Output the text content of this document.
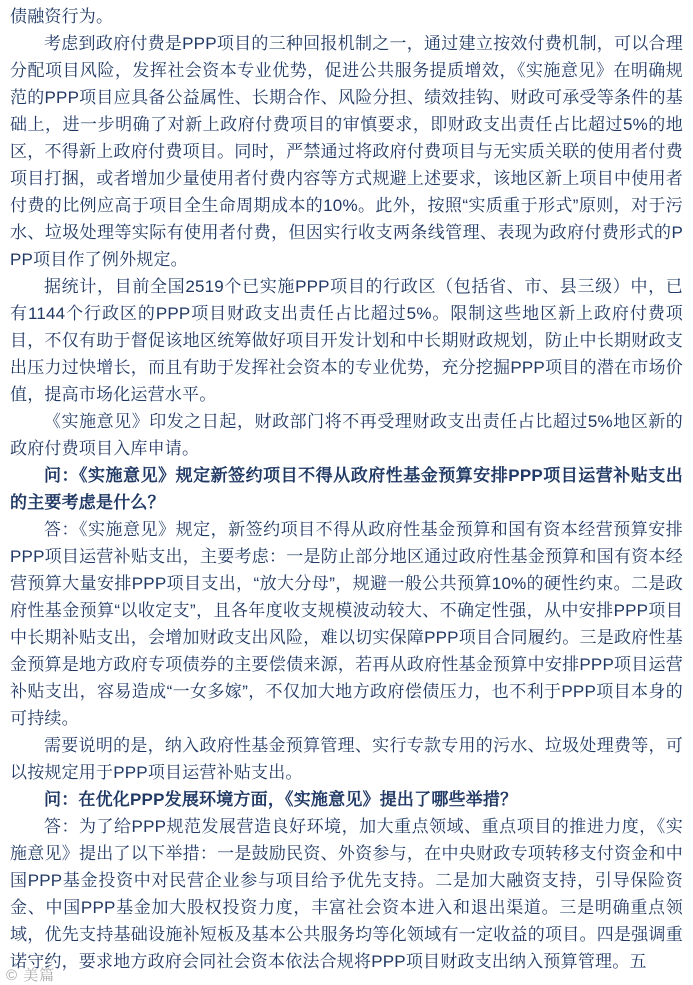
债融资行为。

考虑到政府付费是PPP项目的三种回报机制之一，通过建立按效付费机制，可以合理分配项目风险，发挥社会资本专业优势，促进公共服务提质增效，《实施意见》在明确规范的PPP项目应具备公益属性、长期合作、风险分担、绩效挂钩、财政可承受等条件的基础上，进一步明确了对新上政府付费项目的审慎要求，即财政支出责任占比超过5%的地区，不得新上政府付费项目。同时，严禁通过将政府付费项目与无实质关联的使用者付费项目打捆，或者增加少量使用者付费内容等方式规避上述要求，该地区新上项目中使用者付费的比例应高于项目全生命周期成本的10%。此外，按照“实质重于形式”原则，对于污水、垃圾处理等实际有使用者付费，但因实行收支两条线管理、表现为政府付费形式的PPP项目作了例外规定。

据统计，目前全国2519个已实施PPP项目的行政区（包括省、市、县三级）中，已有1144个行政区的PPP项目财政支出责任占比超过5%。限制这些地区新上政府付费项目，不仅有助于督促该地区统筹做好项目开发计划和中长期财政规划，防止中长期财政支出压力过快增长，而且有助于发挥社会资本的专业优势，充分挖掘PPP项目的潜在市场价值，提高市场化运营水平。

《实施意见》印发之日起，财政部门将不再受理财政支出责任占比超过5%地区新的政府付费项目入库申请。

问：《实施意见》规定新签约项目不得从政府性基金预算安排PPP项目运营补贴支出的主要考虑是什么？

答：《实施意见》规定，新签约项目不得从政府性基金预算和国有资本经营预算安排PPP项目运营补贴支出，主要考虑：一是防止部分地区通过政府性基金预算和国有资本经营预算大量安排PPP项目支出，“放大分母”，规避一般公共预算10%的硬性约束。二是政府性基金预算“以收定支”，且各年度收支规模波动较大、不确定性强，从中安排PPP项目中长期补贴支出，会增加财政支出风险，难以切实保障PPP项目合同履约。三是政府性基金预算是地方政府专项债券的主要偿债来源，若再从政府性基金预算中安排PPP项目运营补贴支出，容易造成“一女多嫁”，不仅加大地方政府偿债压力，也不利于PPP项目本身的可持续。

需要说明的是，纳入政府性基金预算管理、实行专款专用的污水、垃圾处理费等，可以按规定用于PPP项目运营补贴支出。

问：在优化PPP发展环境方面，《实施意见》提出了哪些举措？

答：为了给PPP规范发展营造良好环境，加大重点领域、重点项目的推进力度，《实施意见》提出了以下举措：一是鼓励民资、外资参与，在中央财政专项转移支付资金和中国PPP基金投资中对民营企业参与项目给予优先支持。二是加大融资支持，引导保险资金、中国PPP基金加大股权投资力度，丰富社会资本进入和退出渠道。三是明确重点领域，优先支持基础设施补短板及基本公共服务均等化领域有一定收益的项目。四是强调重诺守约，要求地方政府会同社会资本依法合规将PPP项目财政支出纳入预算管理。五

© 美篇
